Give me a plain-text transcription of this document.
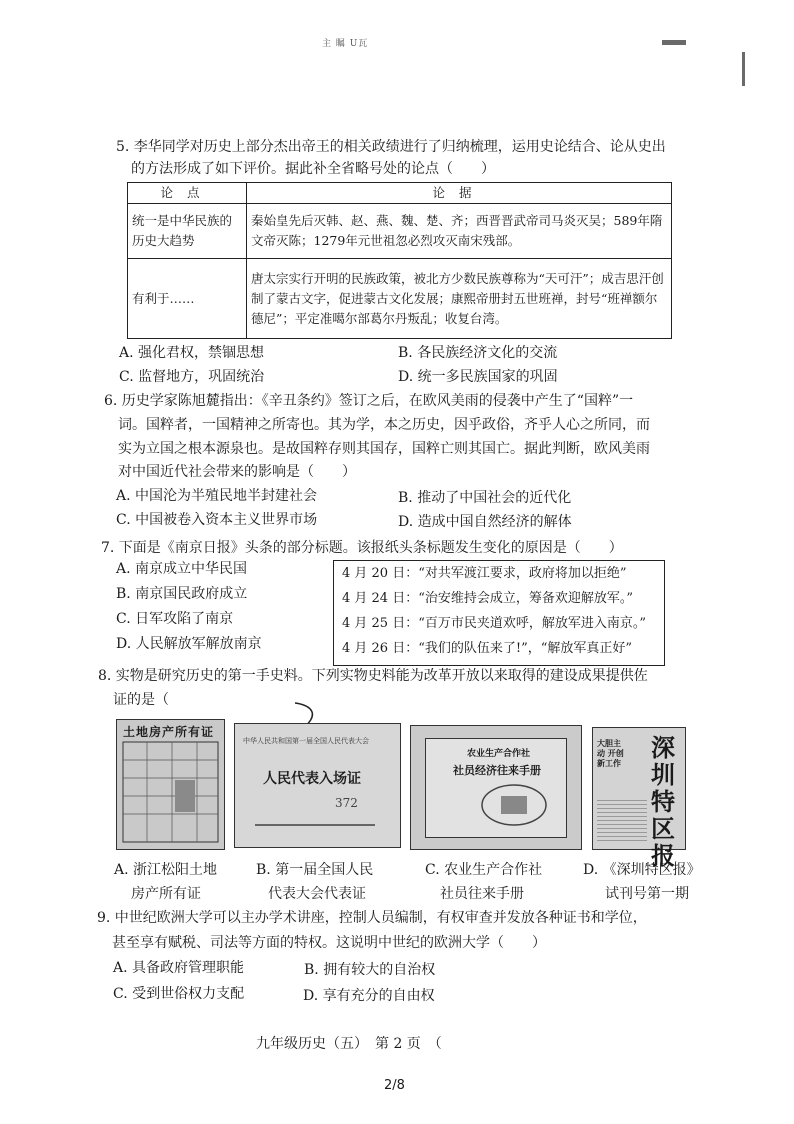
主 瞩 U瓦
5. 李华同学对历史上部分杰出帝王的相关政绩进行了归纳梳理，运用史论结合、论从史出
的方法形成了如下评价。据此补全省略号处的论点（　　）
论点	论据
统一是中华民族的历史大趋势	秦始皇先后灭韩、赵、燕、魏、楚、齐；西晋晋武帝司马炎灭吴；589年隋文帝灭陈；1279年元世祖忽必烈攻灭南宋残部。
有利于……	唐太宗实行开明的民族政策，被北方少数民族尊称为“天可汗”；成吉思汗创制了蒙古文字，促进蒙古文化发展；康熙帝册封五世班禅，封号“班禅额尔德尼”；平定准噶尔部葛尔丹叛乱；收复台湾。
A. 强化君权，禁锢思想	B. 各民族经济文化的交流
C. 监督地方，巩固统治	D. 统一多民族国家的巩固
6. 历史学家陈旭麓指出：《辛丑条约》签订之后，在欧风美雨的侵袭中产生了“国粹”一
词。国粹者，一国精神之所寄也。其为学，本之历史，因乎政俗，齐乎人心之所同，而
实为立国之根本源泉也。是故国粹存则其国存，国粹亡则其国亡。据此判断，欧风美雨
对中国近代社会带来的影响是（　　）
A. 中国沦为半殖民地半封建社会	B. 推动了中国社会的近代化
C. 中国被卷入资本主义世界市场	D. 造成中国自然经济的解体
7. 下面是《南京日报》头条的部分标题。该报纸头条标题发生变化的原因是（　　）
A. 南京成立中华民国
B. 南京国民政府成立
C. 日军攻陷了南京
D. 人民解放军解放南京
4 月 20 日：“对共军渡江要求，政府将加以拒绝”
4 月 24 日：“治安维持会成立，筹备欢迎解放军。”
4 月 25 日：“百万市民夹道欢呼，解放军进入南京。”
4 月 26 日：“我们的队伍来了!”，“解放军真正好”
8. 实物是研究历史的第一手史料。下列实物史料能为改革开放以来取得的建设成果提供佐
证的是（
土地房产所有证
中华人民共和国第一届全国人民代表大会
人民代表入场证
372
农业生产合作社
社员经济往来手册
大胆主动 开创新工作
深圳特区报
A. 浙江松阳土地
房产所有证
B. 第一届全国人民
代表大会代表证
C. 农业生产合作社
社员往来手册
D. 《深圳特区报》
试刊号第一期
9. 中世纪欧洲大学可以主办学术讲座，控制人员编制，有权审查并发放各种证书和学位，
甚至享有赋税、司法等方面的特权。这说明中世纪的欧洲大学（　　）
A. 具备政府管理职能	B. 拥有较大的自治权
C. 受到世俗权力支配	D. 享有充分的自由权
九年级历史（五）　第 2 页　（
2/8
